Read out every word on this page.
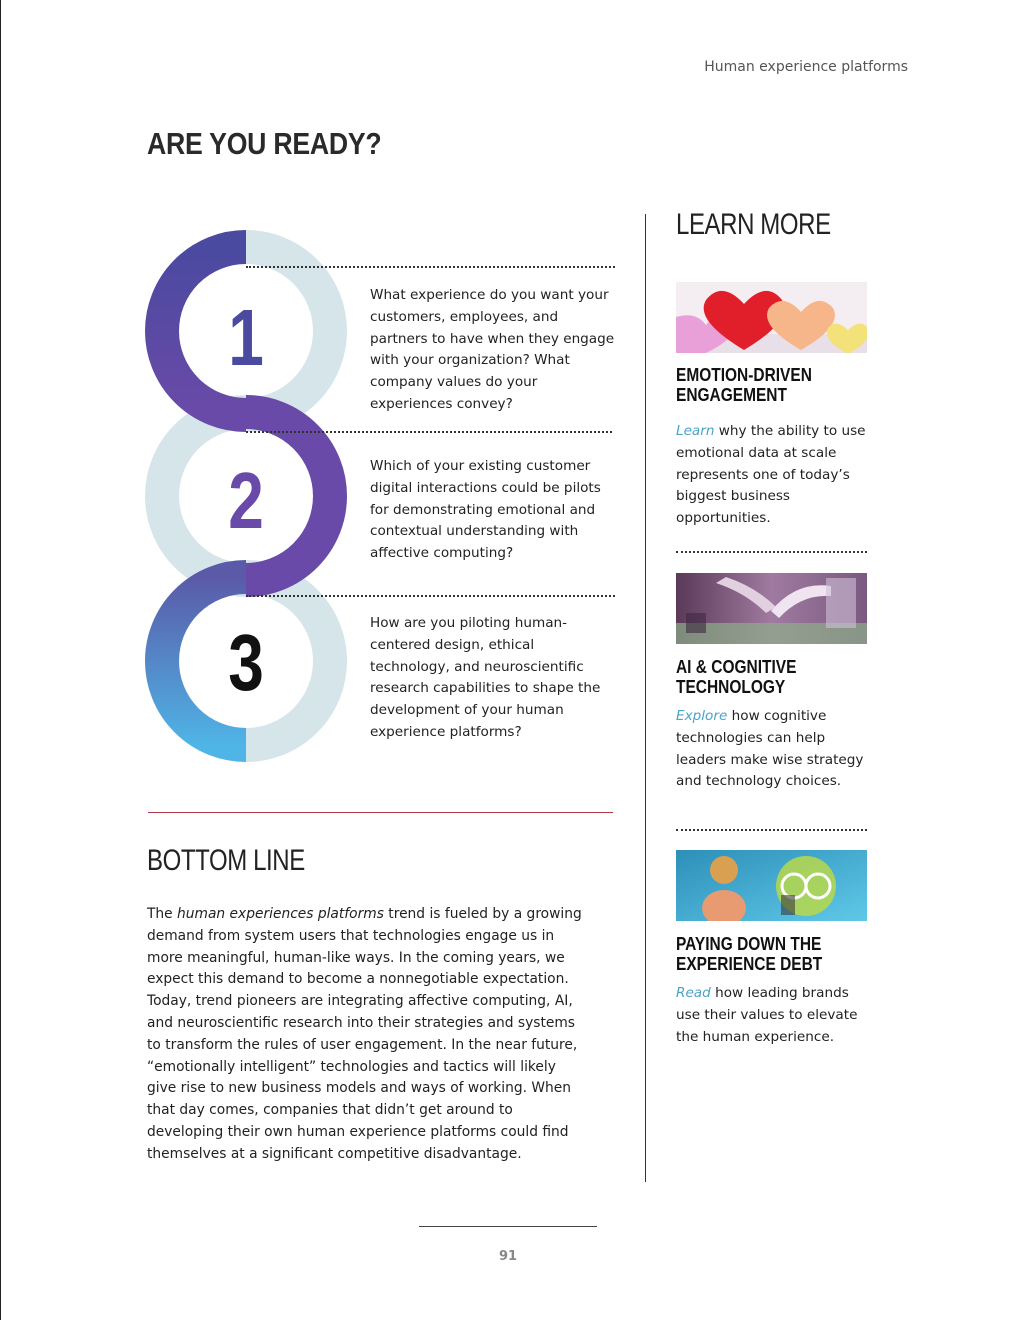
Human experience platforms
ARE YOU READY?
1
2
3
What experience do you want your customers, employees, and partners to have when they engage with your organization? What company values do your experiences convey?
Which of your existing customer digital interactions could be pilots for demonstrating emotional and contextual understanding with affective computing?
How are you piloting human-centered design, ethical technology, and neuroscientific research capabilities to shape the development of your human experience platforms?
BOTTOM LINE
The human experiences platforms trend is fueled by a growing demand from system users that technologies engage us in more meaningful, human-like ways. In the coming years, we expect this demand to become a nonnegotiable expectation. Today, trend pioneers are integrating affective computing, AI, and neuroscientific research into their strategies and systems to transform the rules of user engagement. In the near future, “emotionally intelligent” technologies and tactics will likely give rise to new business models and ways of working. When that day comes, companies that didn’t get around to developing their own human experience platforms could find themselves at a significant competitive disadvantage.
LEARN MORE
EMOTION-DRIVEN ENGAGEMENT
Learn why the ability to use emotional data at scale represents one of today’s biggest business opportunities.
AI & COGNITIVE TECHNOLOGY
Explore how cognitive technologies can help leaders make wise strategy and technology choices.
PAYING DOWN THE EXPERIENCE DEBT
Read how leading brands use their values to elevate the human experience.
91
